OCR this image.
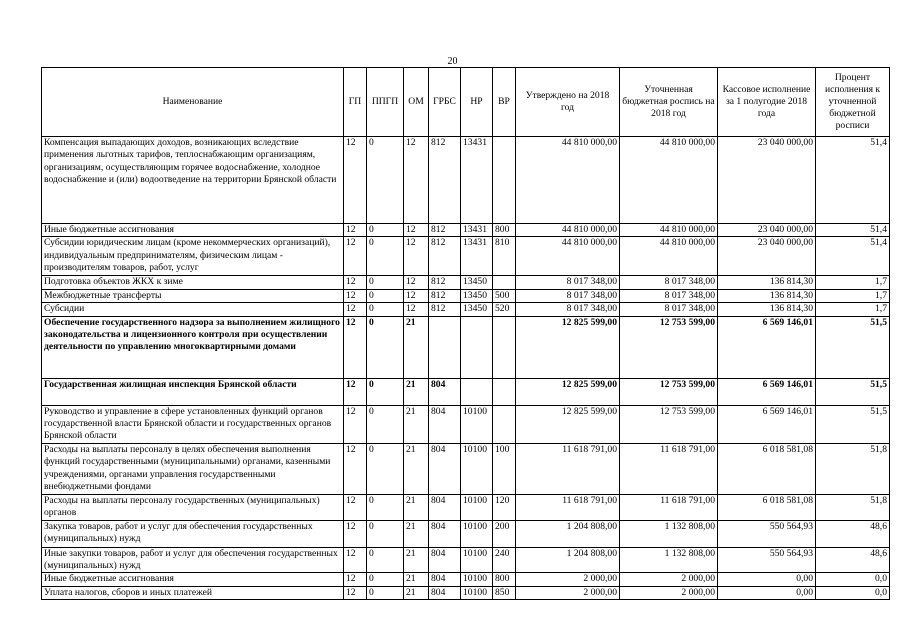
20
Наименование	ГП	ППГП	ОМ	ГРБС	НР	ВР	Утверждено на 2018 год	Уточненная бюджетная роспись на 2018 год	Кассовое исполнение за 1 полугодие 2018 года	Процент исполнения к уточненной бюджетной росписи
Компенсация выпадающих доходов, возникающих вследствие применения льготных тарифов, теплоснабжающим организациям, организациям, осуществляющим горячее водоснабжение, холодное водоснабжение и (или) водоотведение на территории Брянской области	12	0	12	812	13431		44 810 000,00	44 810 000,00	23 040 000,00	51,4
Иные бюджетные ассигнования	12	0	12	812	13431	800	44 810 000,00	44 810 000,00	23 040 000,00	51,4
Субсидии юридическим лицам (кроме некоммерческих организаций), индивидуальным предпринимателям, физическим лицам - производителям товаров, работ, услуг	12	0	12	812	13431	810	44 810 000,00	44 810 000,00	23 040 000,00	51,4
Подготовка объектов ЖКХ к зиме	12	0	12	812	13450		8 017 348,00	8 017 348,00	136 814,30	1,7
Межбюджетные трансферты	12	0	12	812	13450	500	8 017 348,00	8 017 348,00	136 814,30	1,7
Субсидии	12	0	12	812	13450	520	8 017 348,00	8 017 348,00	136 814,30	1,7
Обеспечение государственного надзора за выполнением жилищного законодательства и лицензионного контроля при осуществлении деятельности по управлению многоквартирными домами	12	0	21				12 825 599,00	12 753 599,00	6 569 146,01	51,5
Государственная жилищная инспекция Брянской области	12	0	21	804			12 825 599,00	12 753 599,00	6 569 146,01	51,5
Руководство и управление в сфере установленных функций органов государственной власти Брянской области и государственных органов Брянской области	12	0	21	804	10100		12 825 599,00	12 753 599,00	6 569 146,01	51,5
Расходы на выплаты персоналу в целях обеспечения выполнения функций государственными (муниципальными) органами, казенными учреждениями, органами управления государственными внебюджетными фондами	12	0	21	804	10100	100	11 618 791,00	11 618 791,00	6 018 581,08	51,8
Расходы на выплаты персоналу государственных (муниципальных) органов	12	0	21	804	10100	120	11 618 791,00	11 618 791,00	6 018 581,08	51,8
Закупка товаров, работ и услуг для обеспечения государственных (муниципальных) нужд	12	0	21	804	10100	200	1 204 808,00	1 132 808,00	550 564,93	48,6
Иные закупки товаров, работ и услуг для обеспечения государственных (муниципальных) нужд	12	0	21	804	10100	240	1 204 808,00	1 132 808,00	550 564,93	48,6
Иные бюджетные ассигнования	12	0	21	804	10100	800	2 000,00	2 000,00	0,00	0,0
Уплата налогов, сборов и иных платежей	12	0	21	804	10100	850	2 000,00	2 000,00	0,00	0,0
